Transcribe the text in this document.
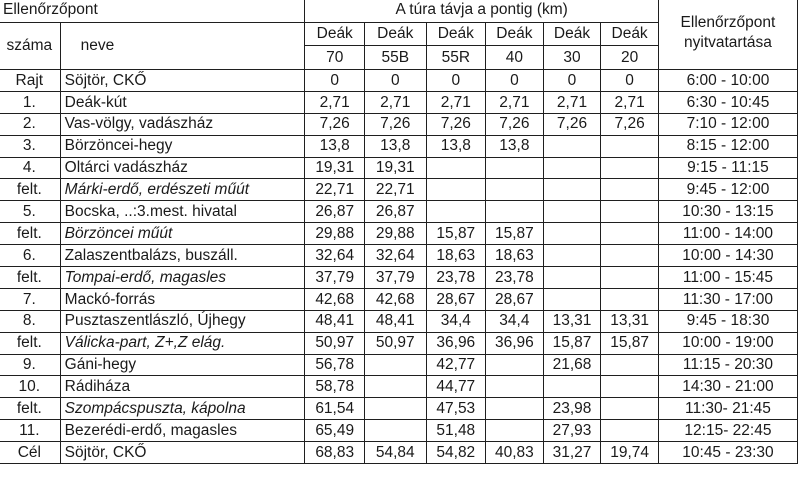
Ellenőrzőpont		A túra távja a pontig (km)						Ellenőrzőpont nyitvatartása
száma	neve	Deák	Deák	Deák	Deák	Deák	Deák	
		70	55B	55R	40	30	20	
Rajt	Söjtör, CKŐ	0	0	0	0	0	0	6:00 - 10:00
1.	Deák-kút	2,71	2,71	2,71	2,71	2,71	2,71	6:30 - 10:45
2.	Vas-völgy, vadászház	7,26	7,26	7,26	7,26	7,26	7,26	7:10 - 12:00
3.	Börzöncei-hegy	13,8	13,8	13,8	13,8			8:15 - 12:00
4.	Oltárci vadászház	19,31	19,31					9:15 - 11:15
felt.	Márki-erdő, erdészeti műút	22,71	22,71					9:45 - 12:00
5.	Bocska, ..:3.mest. hivatal	26,87	26,87					10:30 - 13:15
felt.	Börzöncei műút	29,88	29,88	15,87	15,87			11:00 - 14:00
6.	Zalaszentbalázs, buszáll.	32,64	32,64	18,63	18,63			10:00 - 14:30
felt.	Tompai-erdő, magasles	37,79	37,79	23,78	23,78			11:00 - 15:45
7.	Mackó-forrás	42,68	42,68	28,67	28,67			11:30 - 17:00
8.	Pusztaszentlászló, Újhegy	48,41	48,41	34,4	34,4	13,31	13,31	9:45 - 18:30
felt.	Válicka-part, Z+,Z elág.	50,97	50,97	36,96	36,96	15,87	15,87	10:00 - 19:00
9.	Gáni-hegy	56,78		42,77		21,68		11:15 - 20:30
10.	Rádiháza	58,78		44,77				14:30 - 21:00
felt.	Szompácspuszta, kápolna	61,54		47,53		23,98		11:30- 21:45
11.	Bezerédi-erdő, magasles	65,49		51,48		27,93		12:15- 22:45
Cél	Söjtör, CKŐ	68,83	54,84	54,82	40,83	31,27	19,74	10:45 - 23:30
